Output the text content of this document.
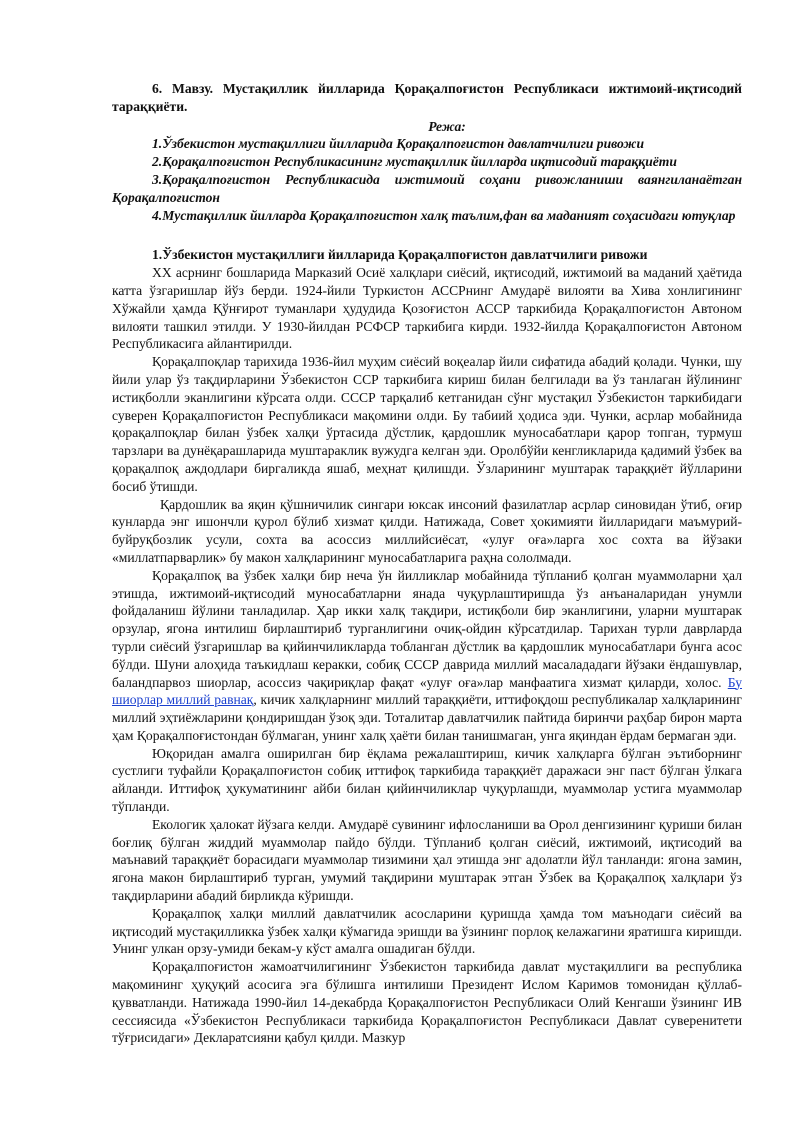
6. Мавзу. Мустақиллик йилларида Қорақалпоғистон Республикаси ижтимоий-иқтисодий тараққиёти.

Режа:

1.Ўзбекистон мустақиллиги йилларида Қорақалпоғистон давлатчилиги ривожи
2.Қорақалпоғистон Республикасининг мустақиллик йилларда иқтисодий тараққиёти
3.Қорақалпоғистон Республикасида ижтимоий соҳани ривожланиши ваянгиланаётган Қорақалпоғистон
4.Мустақиллик йилларда Қорақалпоғистон халқ таълим,фан ва маданият соҳасидаги ютуқлар

1.Ўзбекистон мустақиллиги йилларида Қорақалпоғистон давлатчилиги ривожи

XX асрнинг бошларида Марказий Осиё халқлари сиёсий, иқтисодий, ижтимоий ва маданий ҳаётида катта ўзгаришлар йўз берди. 1924-йили Туркистон АССРнинг Амударё вилояти ва Хива хонлигининг Хўжайли ҳамда Қўнғирот туманлари ҳудудида Қозоғистон АССР таркибида Қорақалпоғистон Автоном вилояти ташкил этилди. У 1930-йилдан РСФСР таркибига кирди. 1932-йилда Қорақалпоғистон Автоном Республикасига айлантирилди.

Қорақалпоқлар тарихида 1936-йил муҳим сиёсий воқеалар йили сифатида абадий қолади. Чунки, шу йили улар ўз тақдирларини Ўзбекистон ССР таркибига кириш билан белгилади ва ўз танлаган йўлининг истиқболли эканлигини кўрсата олди. СССР тарқалиб кетганидан сўнг мустақил Ўзбекистон таркибидаги суверен Қорақалпоғистон Республикаси мақомини олди. Бу табиий ҳодиса эди. Чунки, асрлар мобайнида қорақалпоқлар билан ўзбек халқи ўртасида дўстлик, қардошлик муносабатлари қарор топган, турмуш тарзлари ва дунёқарашларида муштараклик вужудга келган эди. Оролбўйи кенгликларида қадимий ўзбек ва қорақалпоқ аждодлари биргаликда яшаб, меҳнат қилишди. Ўзларининг муштарак тараққиёт йўлларини босиб ўтишди.

Қардошлик ва яқин қўшничилик сингари юксак инсоний фазилатлар асрлар синовидан ўтиб, оғир кунларда энг ишончли қурол бўлиб хизмат қилди. Натижада, Совет ҳокимияти йилларидаги маъмурий-буйруқбозлик усули, сохта ва асоссиз миллийсиёсат, «улуғ оға»ларга хос сохта ва йўзаки «миллатпарварлик» бу макон халқларининг муносабатларига раҳна сололмади.

Қорақалпоқ ва ўзбек халқи бир неча ўн йилликлар мобайнида тўпланиб қолган муаммоларни ҳал этишда, ижтимоий-иқтисодий муносабатларни янада чуқурлаштиришда ўз анъаналаридан унумли фойдаланиш йўлини танладилар. Ҳар икки халқ тақдири, истиқболи бир эканлигини, уларни муштарак орзулар, ягона интилиш бирлаштириб турганлигини очиқ-ойдин кўрсатдилар. Тарихан турли даврларда турли сиёсий ўзгаришлар ва қийинчиликларда тобланган дўстлик ва қардошлик муносабатлари бунга асос бўлди. Шуни алоҳида таъкидлаш керакки, собиқ СССР даврида миллий масалададаги йўзаки ёндашувлар, баландпарвоз шиорлар, асоссиз чақириқлар фақат «улуғ оға»лар манфаатига хизмат қиларди, холос. Бу шиорлар миллий равнақ, кичик халқларнинг миллий тараққиёти, иттифоқдош республикалар халқларининг миллий эҳтиёжларини қондиришдан ўзоқ эди. Тоталитар давлатчилик пайтида биринчи раҳбар бирон марта ҳам Қорақалпоғистондан бўлмаган, унинг халқ ҳаёти билан танишмаган, унга яқиндан ёрдам бермаган эди.

Юқоридан амалга оширилган бир ёқлама режалаштириш, кичик халқларга бўлган эътиборнинг сустлиги туфайли Қорақалпоғистон собиқ иттифоқ таркибида тараққиёт даражаси энг паст бўлган ўлкага айланди. Иттифоқ ҳукуматининг айби билан қийинчиликлар чуқурлашди, муаммолар устига муаммолар тўпланди.

Екологик ҳалокат йўзага келди. Амударё сувининг ифлосланиши ва Орол денгизининг қуриши билан боғлиқ бўлган жиддий муаммолар пайдо бўлди. Тўпланиб қолган сиёсий, ижтимоий, иқтисодий ва маънавий тараққиёт борасидаги муаммолар тизимини ҳал этишда энг адолатли йўл танланди: ягона замин, ягона макон бирлаштириб турган, умумий тақдирини муштарак этган Ўзбек ва Қорақалпоқ халқлари ўз тақдирларини абадий бирликда кўришди.

Қорақалпоқ халқи миллий давлатчилик асосларини қуришда ҳамда том маънодаги сиёсий ва иқтисодий мустақилликка ўзбек халқи кўмагида эришди ва ўзининг порлоқ келажагини яратишга киришди. Унинг улкан орзу-умиди бекам-у кўст амалга ошадиган бўлди.

Қорақалпоғистон жамоатчилигининг Ўзбекистон таркибида давлат мустақиллиги ва республика мақомининг ҳуқуқий асосига эга бўлишга интилиши Президент Ислом Каримов томонидан қўллаб-қувватланди. Натижада 1990-йил 14-декабрда Қорақалпоғистон Республикаси Олий Кенгаши ўзининг ИВ сессиясида «Ўзбекистон Республикаси таркибида Қорақалпоғистон Республикаси Давлат суверенитети тўғрисидаги» Декларатсияни қабул қилди. Мазкур
